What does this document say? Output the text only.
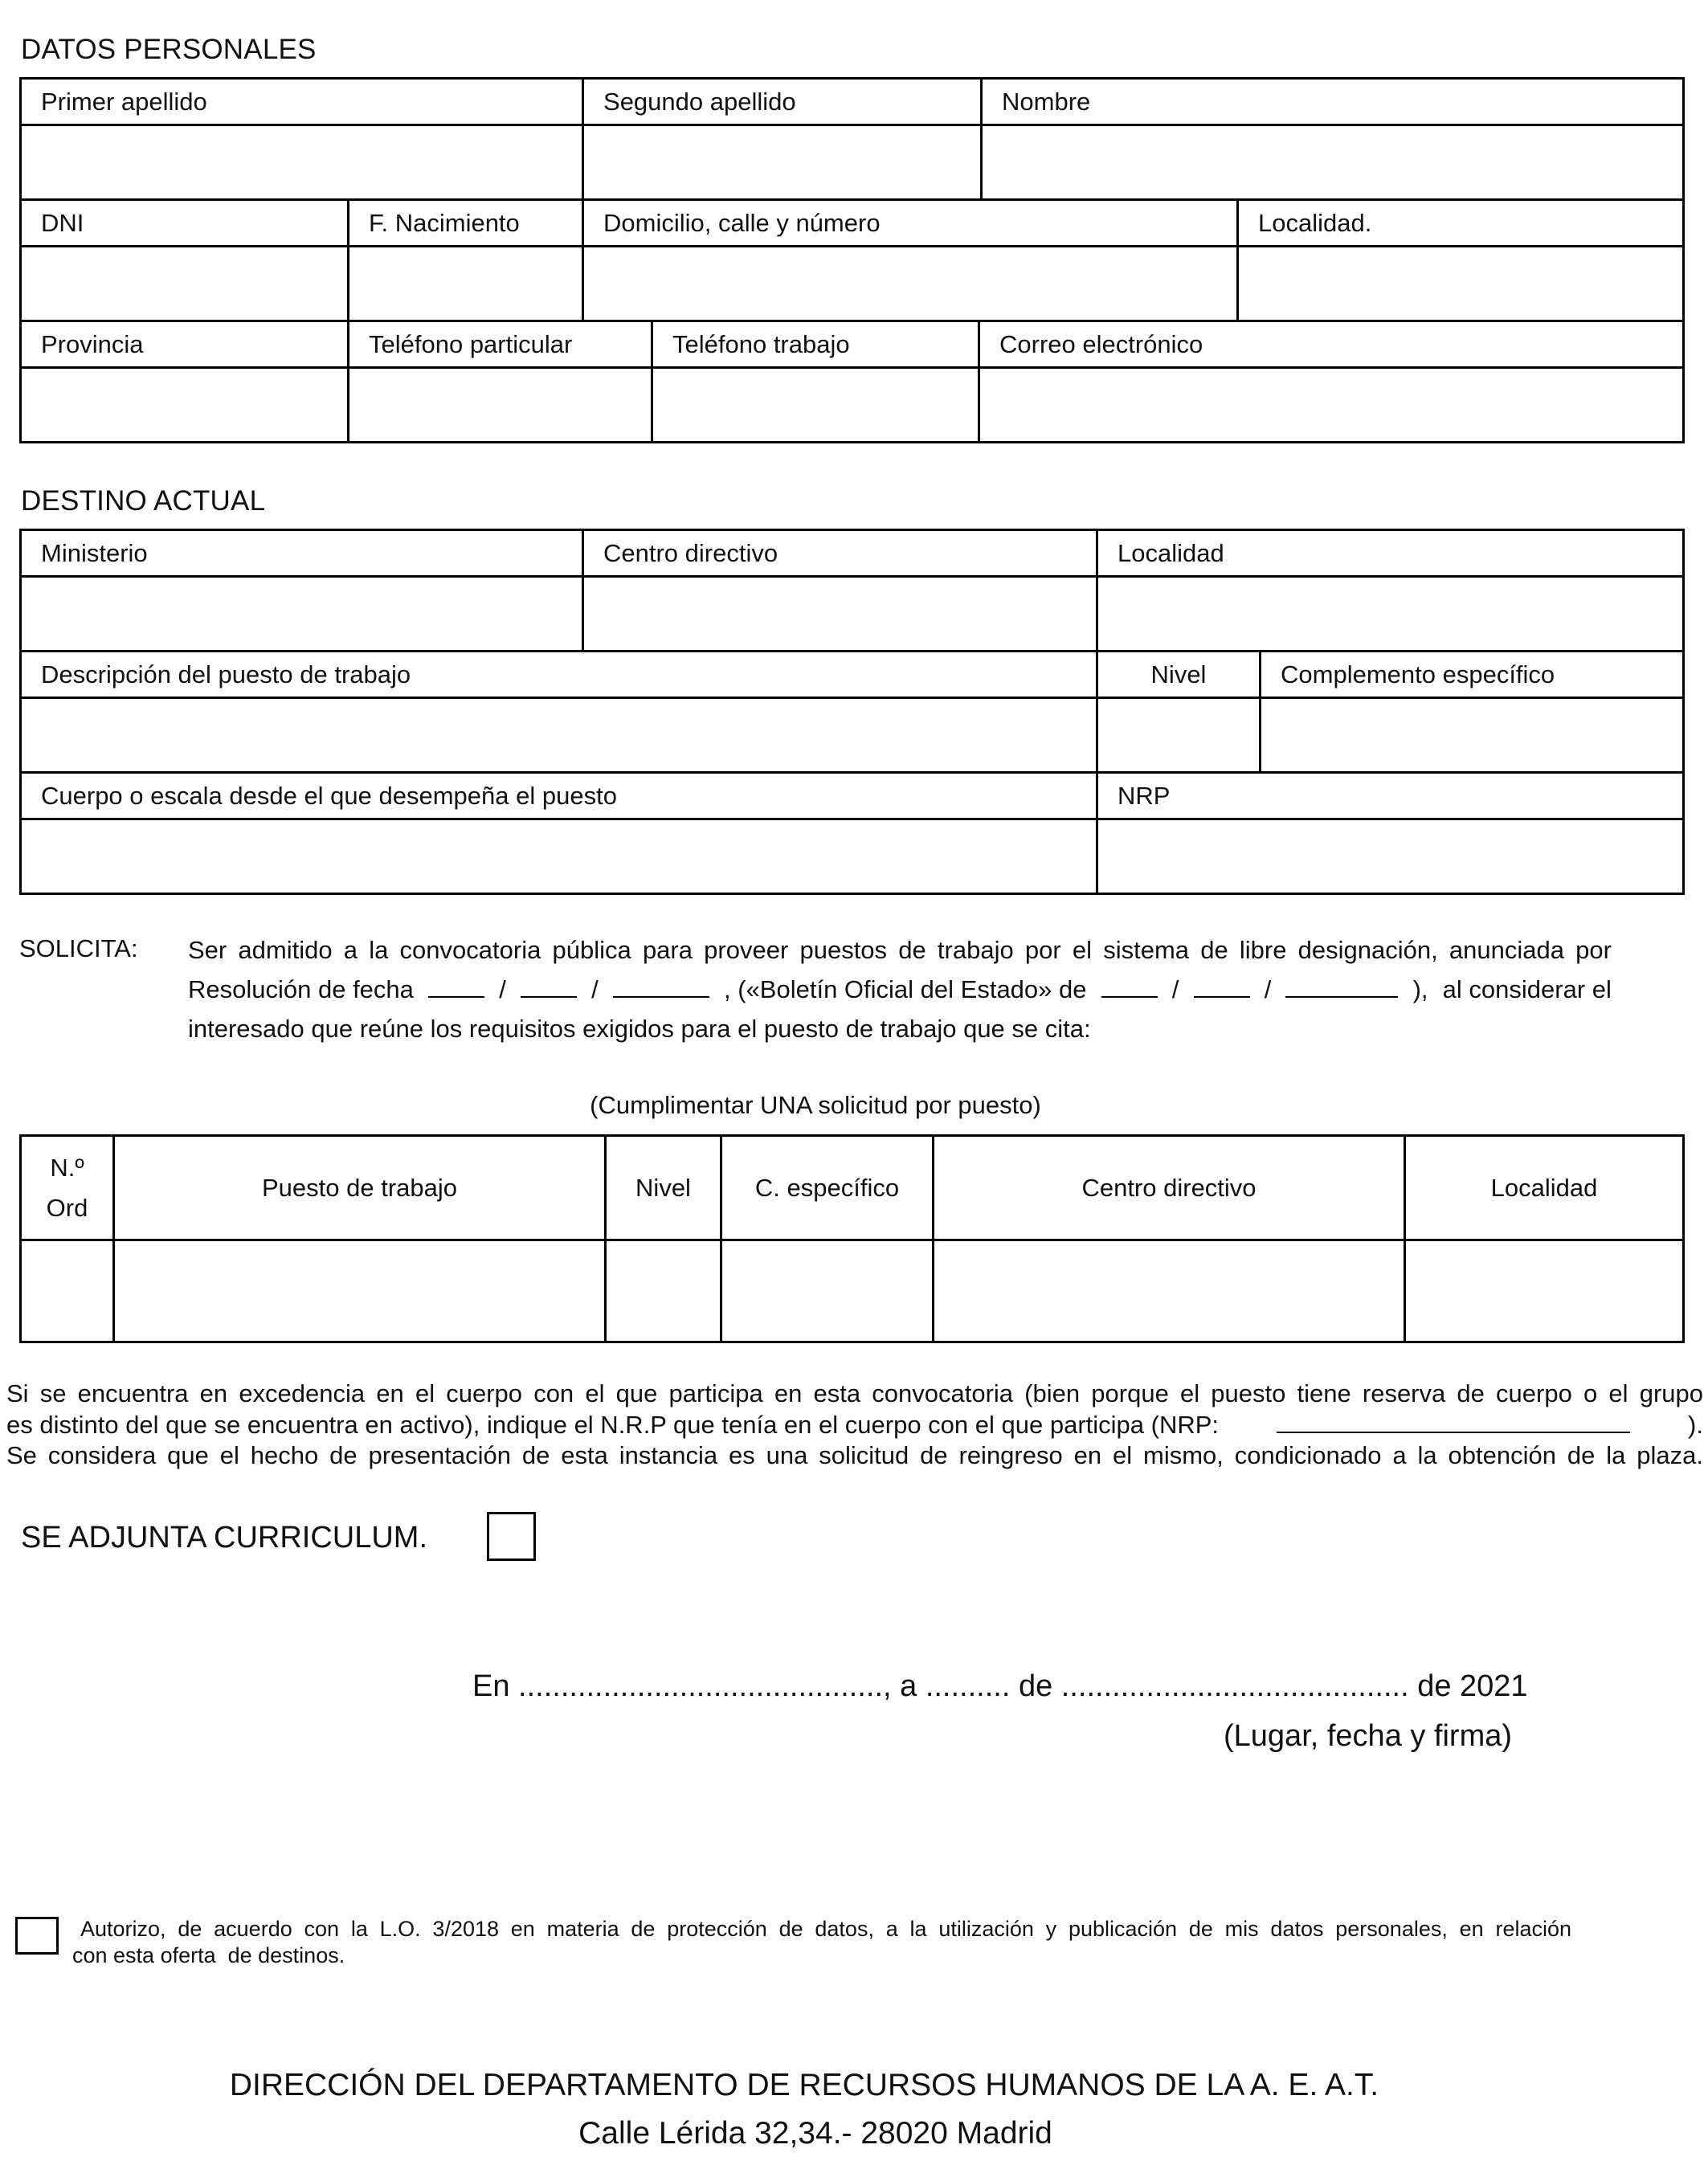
DATOS PERSONALES
Primer apellido	Segundo apellido	Nombre

DNI	F. Nacimiento	Domicilio, calle y número	Localidad.

Provincia	Teléfono particular	Teléfono trabajo	Correo electrónico

DESTINO ACTUAL
Ministerio	Centro directivo	Localidad

Descripción del puesto de trabajo	Nivel	Complemento específico

Cuerpo o escala desde el que desempeña el puesto	NRP

SOLICITA: Ser admitido a la convocatoria pública para proveer puestos de trabajo por el sistema de libre designación, anunciada por
Resolución de fecha	/	/	, («Boletín Oficial del Estado» de	/	/	), al considerar el
interesado que reúne los requisitos exigidos para el puesto de trabajo que se cita:
(Cumplimentar UNA solicitud por puesto)
N.º
Ord	Puesto de trabajo	Nivel	C. específico	Centro directivo	Localidad

Si se encuentra en excedencia en el cuerpo con el que participa en esta convocatoria (bien porque el puesto tiene reserva de cuerpo o el grupo
es distinto del que se encuentra en activo), indique el N.R.P que tenía en el cuerpo con el que participa (NRP:	).
Se considera que el hecho de presentación de esta instancia es una solicitud de reingreso en el mismo, condicionado a la obtención de la plaza.
SE ADJUNTA CURRICULUM.
En ..........................................., a .......... de ......................................... de 2021
(Lugar, fecha y firma)
Autorizo, de acuerdo con la L.O. 3/2018 en materia de protección de datos, a la utilización y publicación de mis datos personales, en relación
con esta oferta  de destinos.
DIRECCIÓN DEL DEPARTAMENTO DE RECURSOS HUMANOS DE LA A. E. A.T.
Calle Lérida 32,34.- 28020 Madrid
